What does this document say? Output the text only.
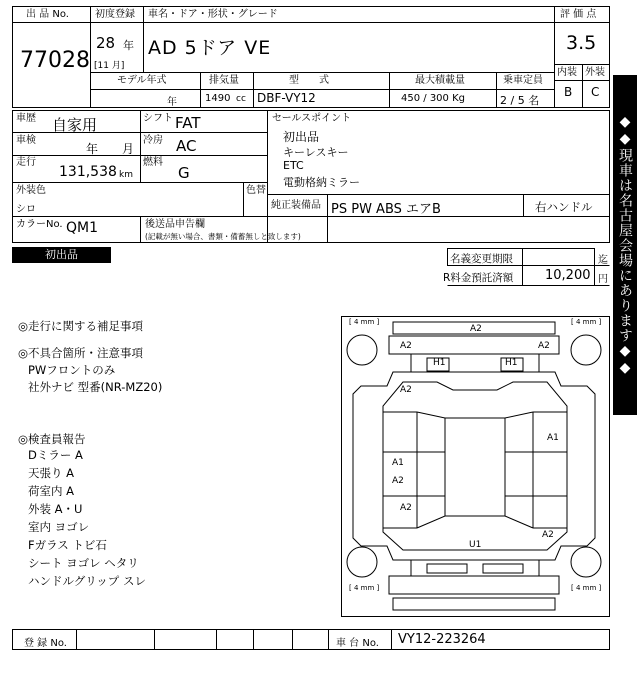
出 品 No.
77028
初度登録
28 年
[11 月]
車名・ドア・形状・グレード
AD 5ドア VE
評 価 点
3.5
内装 外装
B C
モデル年式
年
排気量
1490 cc
型　　式
DBF-VY12
最大積載量
450 / 300 Kg
乗車定員
2 / 5 名
車歴 自家用	シフト FAT
車検
年 月
冷房 AC
走行
131,538 km
燃料
G
外装色
シロ
色替
カラーNo. QM1	後送品申告欄
(記載が無い場合、書類・備蓄無しと致します)
セールスポイント
初出品
キーレスキー
ETC
電動格納ミラー
純正装備品 PS PW ABS エアB	右ハンドル
初出品	名義変更期限	迄
R料金預託済額 10,200 円
◎走行に関する補足事項
◎不具合箇所・注意事項
PWフロントのみ
社外ナビ 型番(NR-MZ20)
◎検査員報告
Dミラー A
天張り A
荷室内 A
外装 A・U
室内 ヨゴレ
Fガラス トビ石
シート ヨゴレ ヘタリ
ハンドルグリップ スレ
[ 4 mm ]	[ 4 mm ]
[ 4 mm ]	[ 4 mm ]
A2
A2	A2
H1	H1
A2
A1
A1
A2
A2
A2
U1
登 録 No.	車 台 No. VY12-223264
◆◆現車は名古屋会場にあります◆◆
